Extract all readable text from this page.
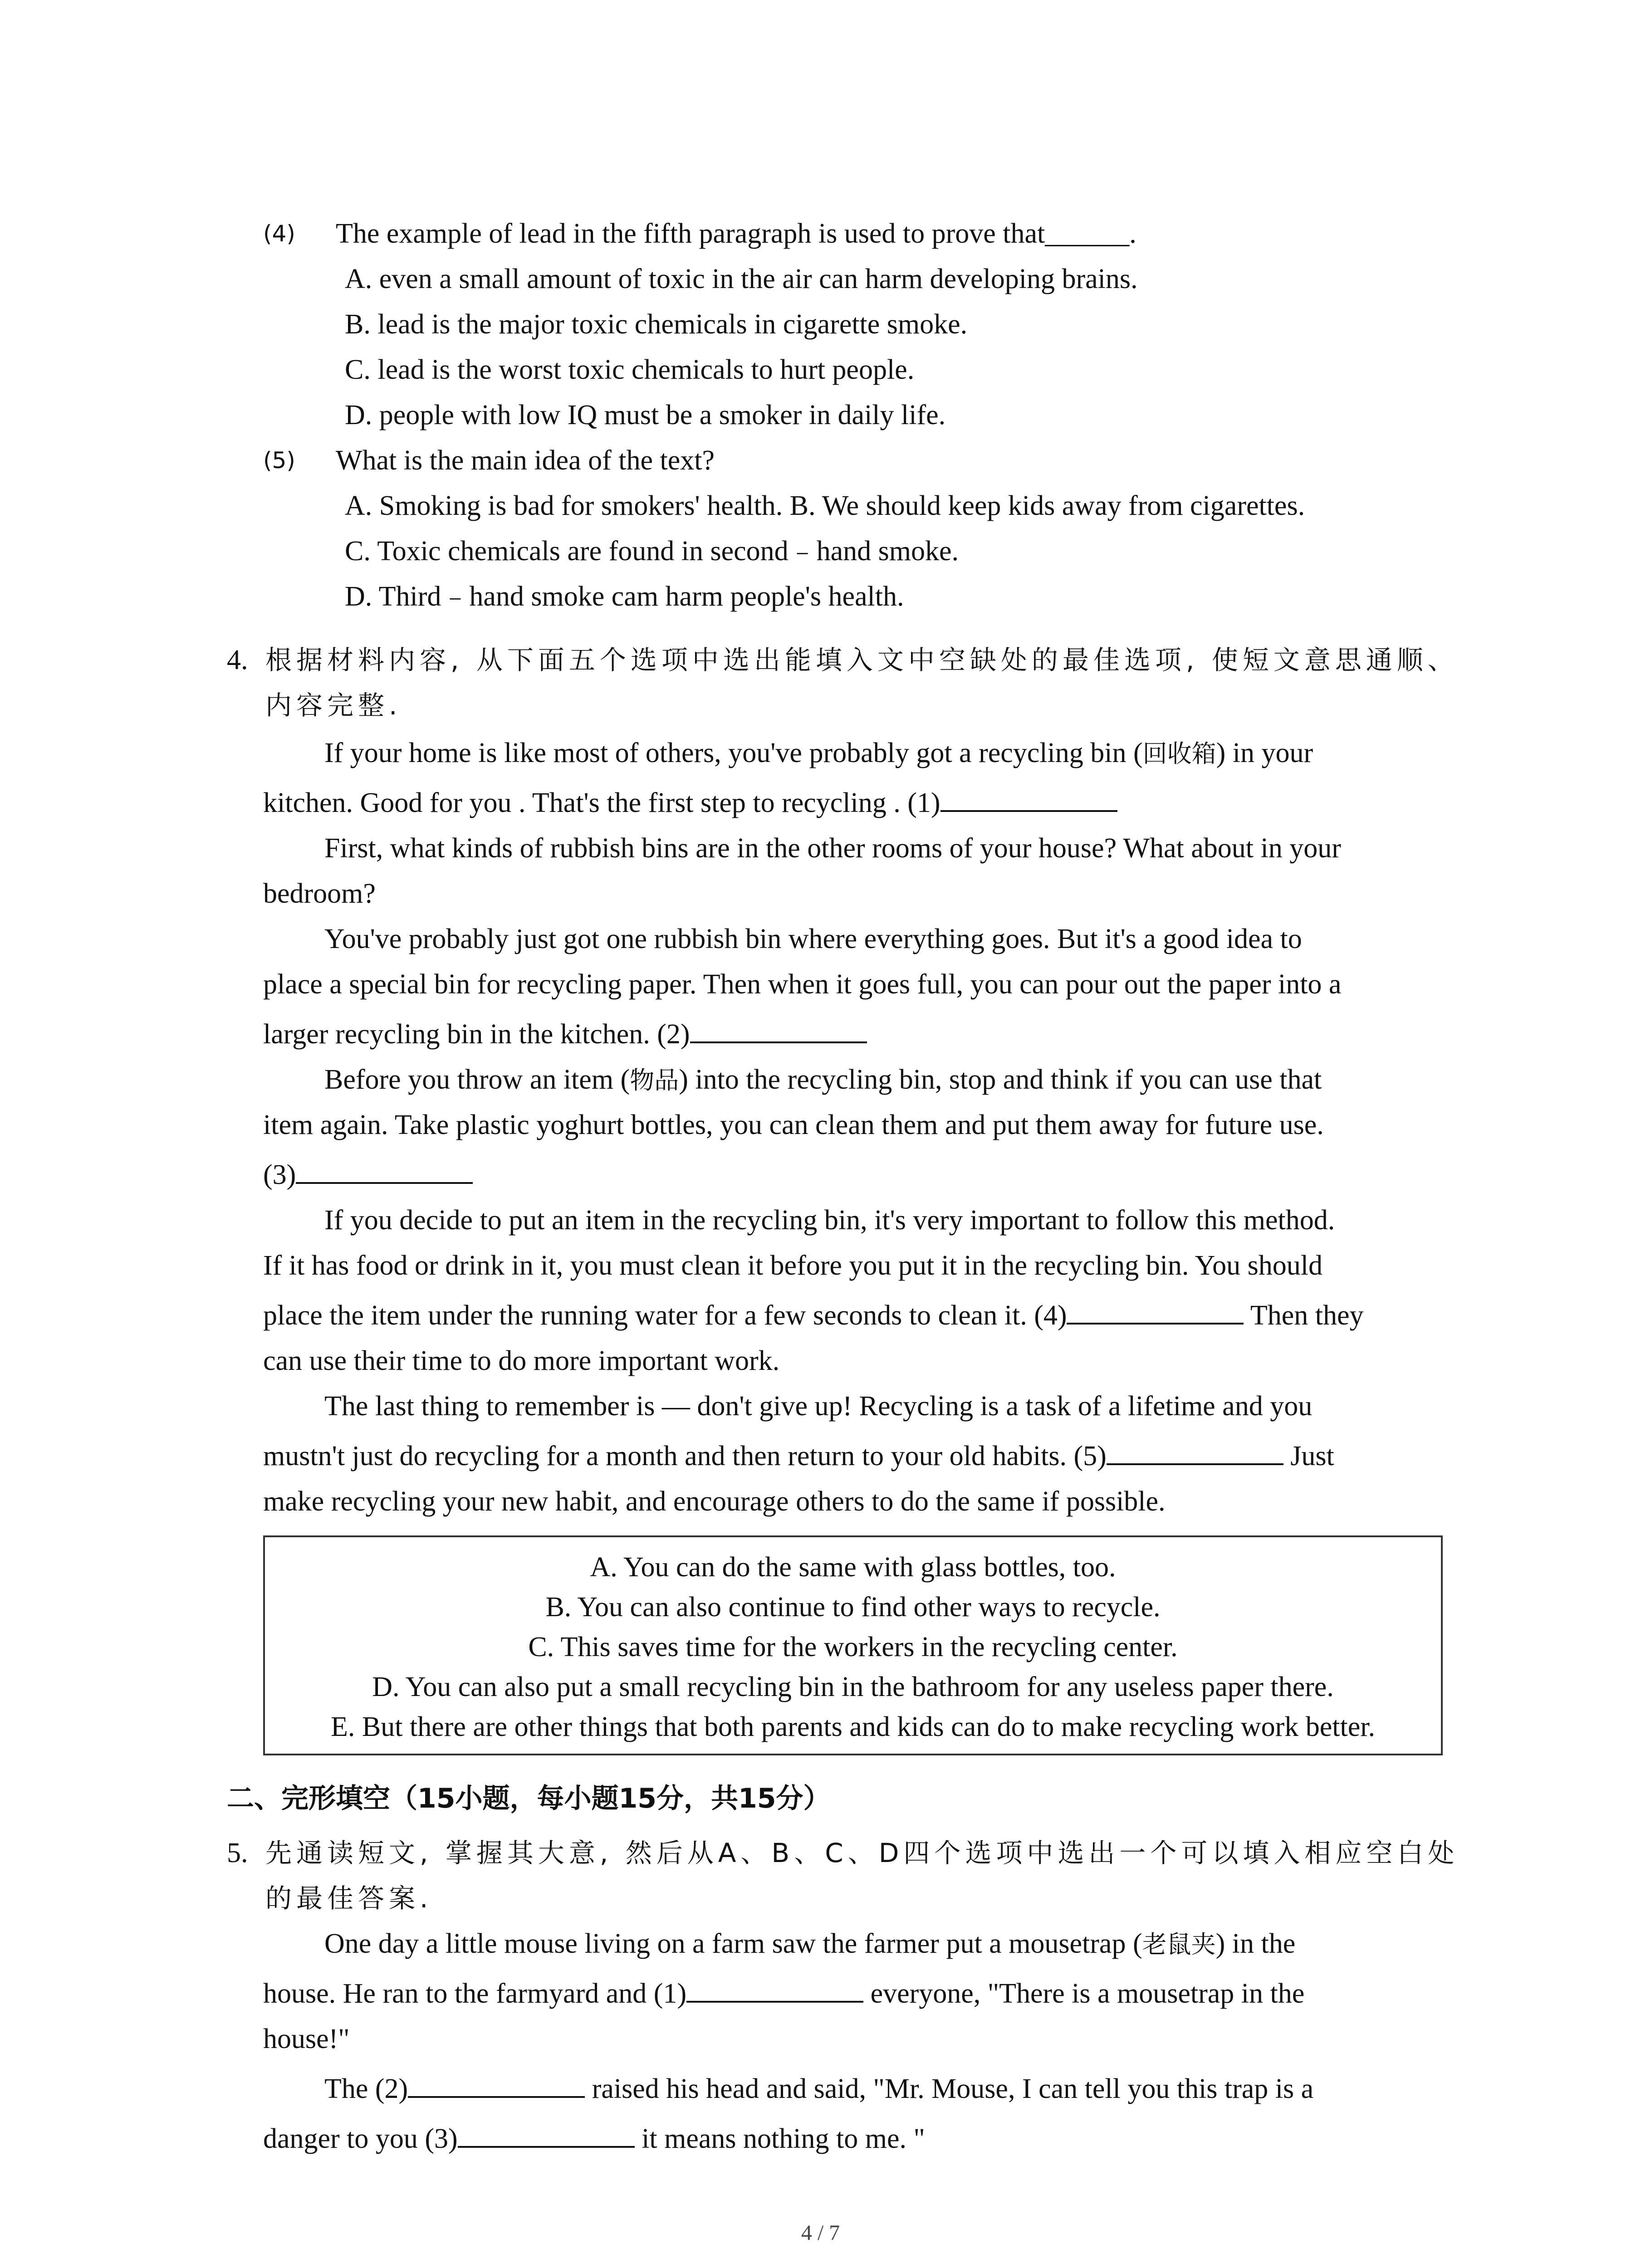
(4)	The example of lead in the fifth paragraph is used to prove that______.
A. even a small amount of toxic in the air can harm developing brains.
B. lead is the major toxic chemicals in cigarette smoke.
C. lead is the worst toxic chemicals to hurt people.
D. people with low IQ must be a smoker in daily life.
(5)	What is the main idea of the text?
A. Smoking is bad for smokers' health. B. We should keep kids away from cigarettes.
C. Toxic chemicals are found in second﹣hand smoke.
D. Third﹣hand smoke cam harm people's health.
4. 根据材料内容, 从下面五个选项中选出能填入文中空缺处的最佳选项, 使短文意思通顺、
内容完整.
If your home is like most of others, you've probably got a recycling bin (回收箱) in your
kitchen. Good for you . That's the first step to recycling . (1)
First, what kinds of rubbish bins are in the other rooms of your house? What about in your
bedroom?
You've probably just got one rubbish bin where everything goes. But it's a good idea to
place a special bin for recycling paper. Then when it goes full, you can pour out the paper into a
larger recycling bin in the kitchen. (2)
Before you throw an item (物品) into the recycling bin, stop and think if you can use that
item again. Take plastic yoghurt bottles, you can clean them and put them away for future use.
(3)
If you decide to put an item in the recycling bin, it's very important to follow this method.
If it has food or drink in it, you must clean it before you put it in the recycling bin. You should
place the item under the running water for a few seconds to clean it. (4)	Then they
can use their time to do more important work.
The last thing to remember is — don't give up! Recycling is a task of a lifetime and you
mustn't just do recycling for a month and then return to your old habits. (5)	Just
make recycling your new habit, and encourage others to do the same if possible.
A. You can do the same with glass bottles, too.
B. You can also continue to find other ways to recycle.
C. This saves time for the workers in the recycling center.
D. You can also put a small recycling bin in the bathroom for any useless paper there.
E. But there are other things that both parents and kids can do to make recycling work better.
二、完形填空（15小题，每小题15分，共15分）
5. 先通读短文, 掌握其大意, 然后从A、B、C、D四个选项中选出一个可以填入相应空白处
的最佳答案.
One day a little mouse living on a farm saw the farmer put a mousetrap (老鼠夹) in the
house. He ran to the farmyard and (1)	everyone, "There is a mousetrap in the
house!"
The (2)	raised his head and said, "Mr. Mouse, I can tell you this trap is a
danger to you (3)	it means nothing to me. "
4 / 7
